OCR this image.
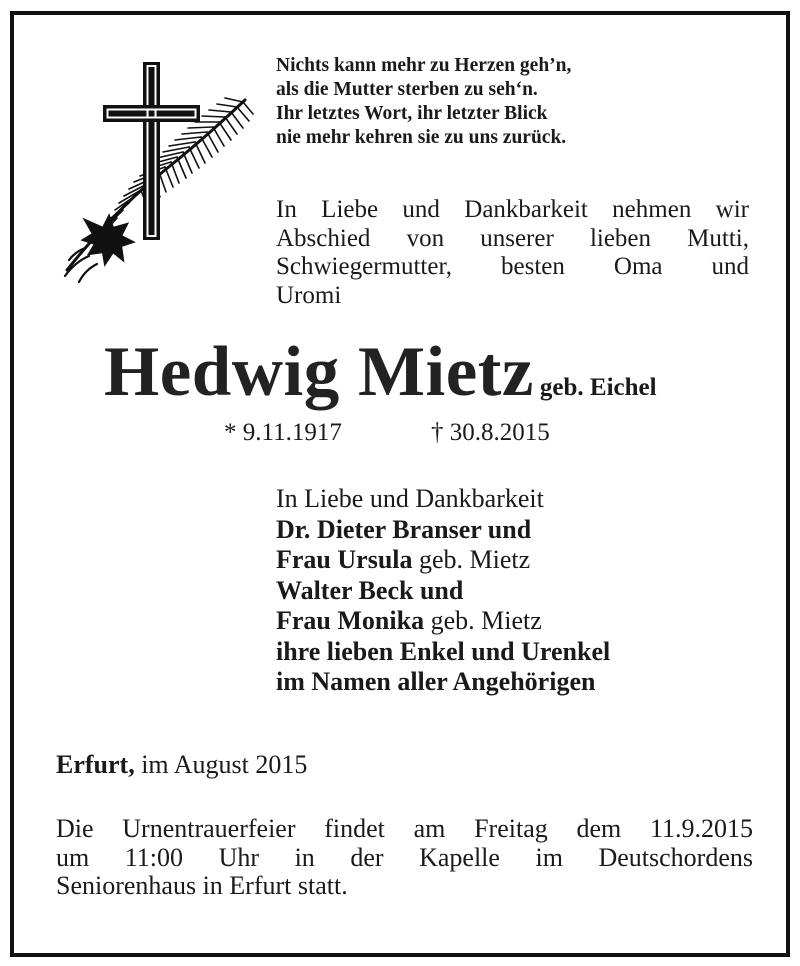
Nichts kann mehr zu Herzen geh’n,
als die Mutter sterben zu seh‘n.
Ihr letztes Wort, ihr letzter Blick
nie mehr kehren sie zu uns zurück.
In Liebe und Dankbarkeit nehmen wir
Abschied von unserer lieben Mutti,
Schwiegermutter, besten Oma und
Uromi
Hedwig Mietz geb. Eichel
* 9.11.1917	† 30.8.2015
In Liebe und Dankbarkeit
Dr. Dieter Branser und
Frau Ursula geb. Mietz
Walter Beck und
Frau Monika geb. Mietz
ihre lieben Enkel und Urenkel
im Namen aller Angehörigen
Erfurt, im August 2015
Die Urnentrauerfeier findet am Freitag dem 11.9.2015
um 11:00 Uhr in der Kapelle im Deutschordens
Seniorenhaus in Erfurt statt.
